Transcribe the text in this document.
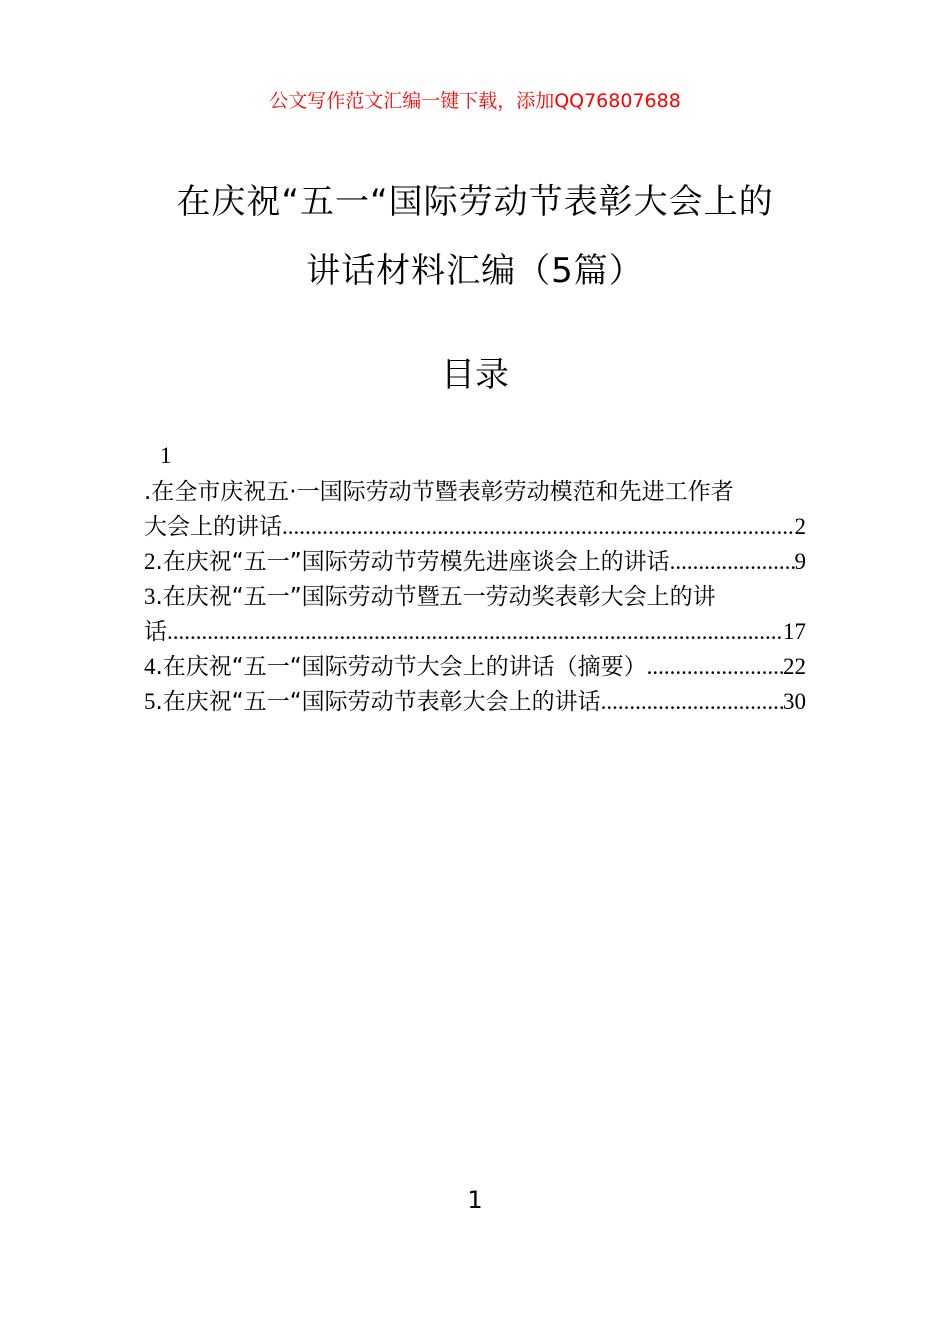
公文写作范文汇编一键下载，添加QQ76807688
在庆祝“五一“国际劳动节表彰大会上的
讲话材料汇编（5篇）
目录
1
.在全市庆祝五·一国际劳动节暨表彰劳动模范和先进工作者
大会上的讲话 .....	2
2.在庆祝“五一”国际劳动节劳模先进座谈会上的讲话 .....	9
3.在庆祝“五一”国际劳动节暨五一劳动奖表彰大会上的讲
话 .....	17
4.在庆祝“五一“国际劳动节大会上的讲话（摘要） .....	22
5.在庆祝“五一“国际劳动节表彰大会上的讲话 .....	30
1
